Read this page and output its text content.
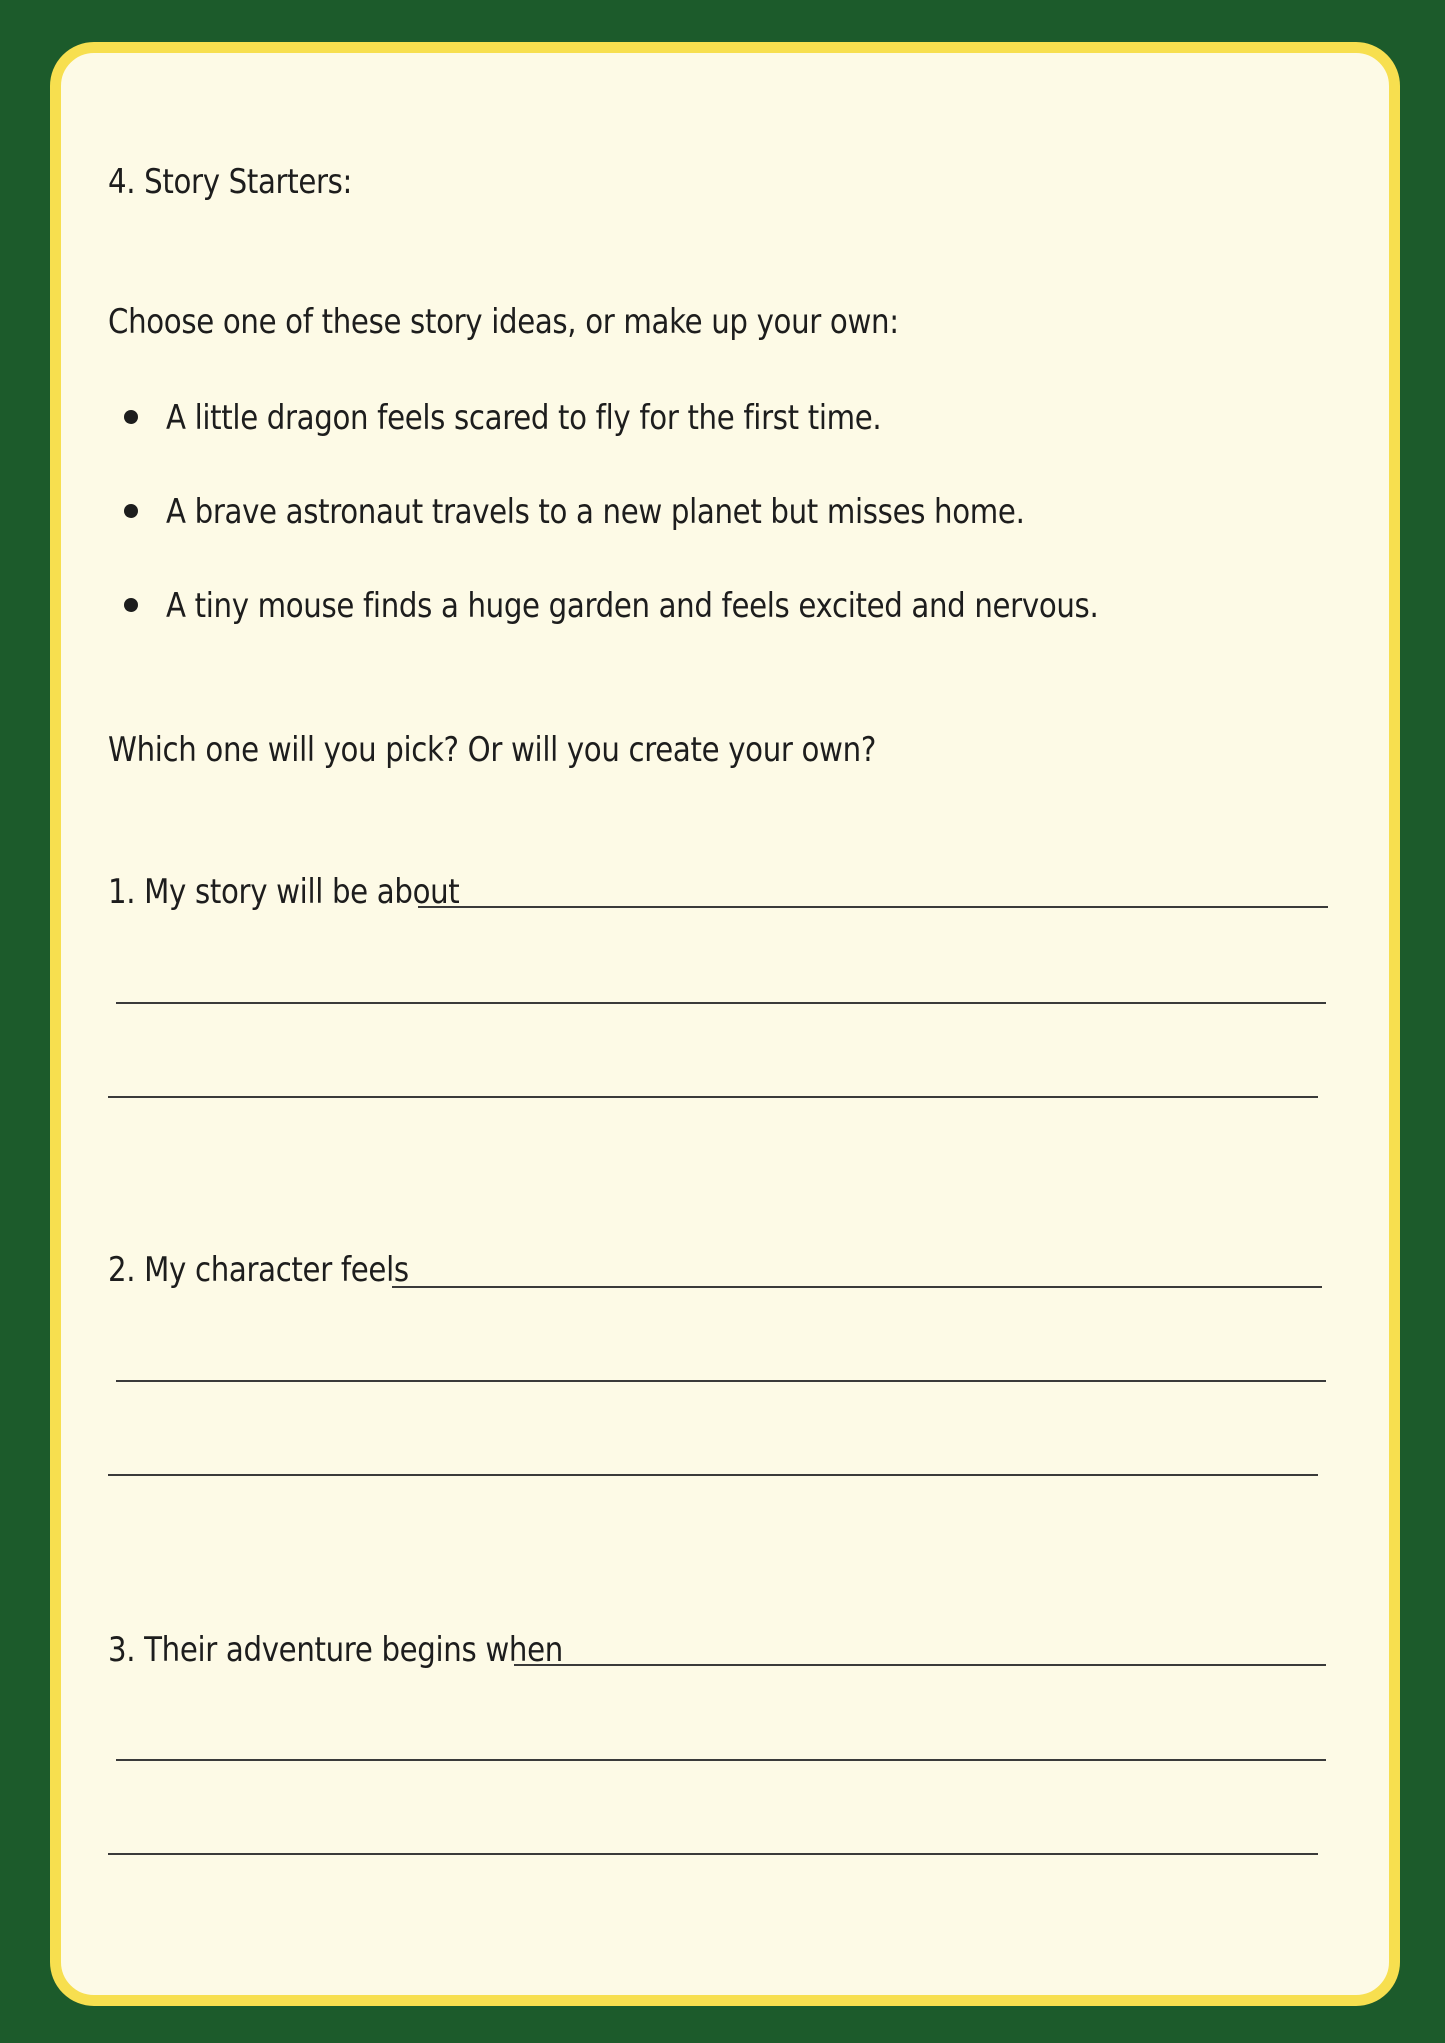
4. Story Starters:
Choose one of these story ideas, or make up your own:
A little dragon feels scared to fly for the first time.
A brave astronaut travels to a new planet but misses home.
A tiny mouse finds a huge garden and feels excited and nervous.
Which one will you pick? Or will you create your own?
1. My story will be about
2. My character feels
3. Their adventure begins when
